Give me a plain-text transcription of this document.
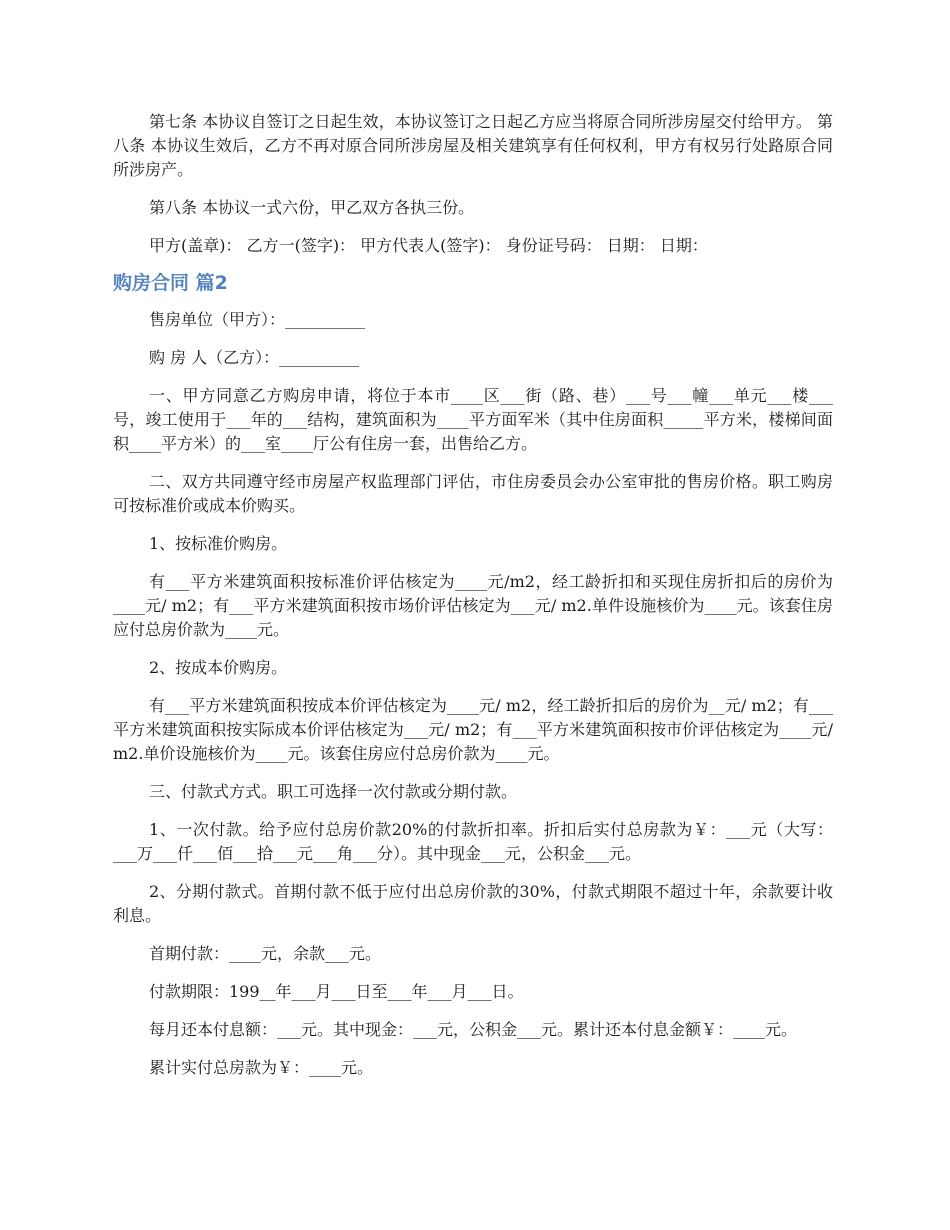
第七条 本协议自签订之日起生效，本协议签订之日起乙方应当将原合同所涉房屋交付给甲方。 第八条 本协议生效后，乙方不再对原合同所涉房屋及相关建筑享有任何权利，甲方有权另行处路原合同所涉房产。

第八条 本协议一式六份，甲乙双方各执三份。

甲方(盖章)： 乙方一(签字)： 甲方代表人(签字)： 身份证号码： 日期： 日期：

购房合同 篇2

售房单位（甲方）：__________

购 房 人（乙方）：__________

一、甲方同意乙方购房申请，将位于本市____区___街（路、巷）___号___幢___单元___楼___号，竣工使用于___年的___结构，建筑面积为____平方面军米（其中住房面积_____平方米，楼梯间面积____平方米）的___室____厅公有住房一套，出售给乙方。

二、双方共同遵守经市房屋产权监理部门评估，市住房委员会办公室审批的售房价格。职工购房可按标准价或成本价购买。

1、按标准价购房。

有___平方米建筑面积按标准价评估核定为____元/m2，经工龄折扣和买现住房折扣后的房价为____元/ m2；有___平方米建筑面积按市场价评估核定为___元/ m2.单件设施核价为____元。该套住房应付总房价款为____元。

2、按成本价购房。

有___平方米建筑面积按成本价评估核定为____元/ m2，经工龄折扣后的房价为__元/ m2；有___平方米建筑面积按实际成本价评估核定为___元/ m2；有___平方米建筑面积按市价评估核定为____元/ m2.单价设施核价为____元。该套住房应付总房价款为____元。

三、付款式方式。职工可选择一次付款或分期付款。

1、一次付款。给予应付总房价款20%的付款折扣率。折扣后实付总房款为￥：___元（大写：___万___仟___佰___拾___元___角___分）。其中现金___元，公积金___元。

2、分期付款式。首期付款不低于应付出总房价款的30%，付款式期限不超过十年，余款要计收利息。

首期付款：____元，余款___元。

付款期限：199__年___月___日至___年___月___日。

每月还本付息额：___元。其中现金：___元，公积金___元。累计还本付息金额￥：____元。

累计实付总房款为￥：____元。
